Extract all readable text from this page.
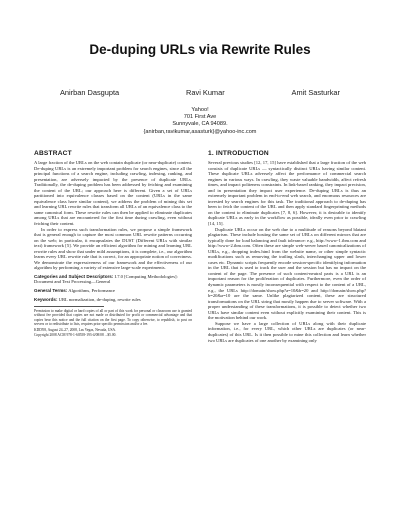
De-duping URLs via Rewrite Rules
Anirban Dasgupta	Ravi Kumar	Amit Sasturkar
Yahoo!
701 First Ave
Sunnyvale, CA 94089.
{anirban,ravikumar,asasturk}@yahoo-inc.com
ABSTRACT

A large fraction of the URLs on the web contain duplicate (or near-duplicate) content. De-duping URLs is an extremely important problem for search engines, since all the principal functions of a search engine, including crawling, indexing, ranking, and presentation, are adversely impacted by the presence of duplicate URLs. Traditionally, the de-duping problem has been addressed by fetching and examining the content of the URL; our approach here is different. Given a set of URLs partitioned into equivalence classes based on the content (URLs in the same equivalence class have similar content), we address the problem of mining this set and learning URL rewrite rules that transform all URLs of an equivalence class to the same canonical form. These rewrite rules can then be applied to eliminate duplicates among URLs that are encountered for the first time during crawling, even without fetching their content.

In order to express such transformation rules, we propose a simple framework that is general enough to capture the most common URL rewrite patterns occurring on the web; in particular, it encapsulates the DUST (Different URLs with similar text) framework [5]. We provide an efficient algorithm for mining and learning URL rewrite rules and show that under mild assumptions, it is complete, i.e., our algorithm learns every URL rewrite rule that is correct, for an appropriate notion of correctness. We demonstrate the expressiveness of our framework and the effectiveness of our algorithm by performing a variety of extensive large-scale experiments.

Categories and Subject Descriptors: I.7.0 [Computing Methodologies]: Document and Text Processing—General
General Terms: Algorithms, Performance
Keywords: URL normalization, de-duping, rewrite rules
Permission to make digital or hard copies of all or part of this work for personal or classroom use is granted without fee provided that copies are not made or distributed for profit or commercial advantage and that copies bear this notice and the full citation on the first page. To copy otherwise, to republish, to post on servers or to redistribute to lists, requires prior specific permission and/or a fee.
KDD'08, August 24–27, 2008, Las Vegas, Nevada, USA.
Copyright 2008 ACM 978-1-60558-193-4/08/08 ...$5.00.
1. INTRODUCTION

Several previous studies [12, 17, 15] have established that a large fraction of the web consists of duplicate URLs — syntactically distinct URLs having similar content. These duplicate URLs adversely affect the performance of commercial search engines in various ways. In crawling, they waste valuable bandwidth, affect refresh times, and impact politeness constraints. In link-based ranking, they impact precision, and in presentation they impact user experience. De-duping URLs is thus an extremely important problem in end-to-end web search, and enormous resources are invested by search engines for this task. The traditional approach to de-duping has been to fetch the content of the URL and then apply standard fingerprinting methods on the content to eliminate duplicates [7, 8, 6]. However, it is desirable to identify duplicate URLs as early in the workflow as possible, ideally even prior to crawling [14, 15].

Duplicate URLs occur on the web due to a multitude of reasons beyond blatant plagiarism. These include hosting the same set of URLs on different mirrors that are typically done for load balancing and fault tolerance: e.g., http://www-1.ibm.com and http://www-2.ibm.com. Often these are simple web-server based canonicalizations of URLs, e.g., dropping index.html from the website name, or other simple syntactic modifications such as removing the trailing slash, interchanging upper and lower cases etc. Dynamic scripts frequently encode session-specific identifying information in the URL that is used to track the user and the session but has no impact on the content of the page. The presence of such content-neutral parts is a URL is an important reason for the proliferation of duplicates. Furthermore, even the order of dynamic parameters is mostly inconsequential with respect to the content of a URL, e.g., the URLs http://domain/show.php?a=10&b=20 and http://domain/show.php?b=20&a=10 are the same. Unlike plagiarized content, these are structured transformations on the URL string that mostly happen due to server software. With a proper understanding of these transformations, it is possible to detect whether two URLs have similar content even without explicitly examining their content. This is the motivation behind our work.

Suppose we have a large collection of URLs along with their duplicate information, i.e., for every URL, which other URLs are duplicates (or near-duplicates) of this URL. Is it then possible to mine this collection and learn whether two URLs are duplicates of one another by examining only
